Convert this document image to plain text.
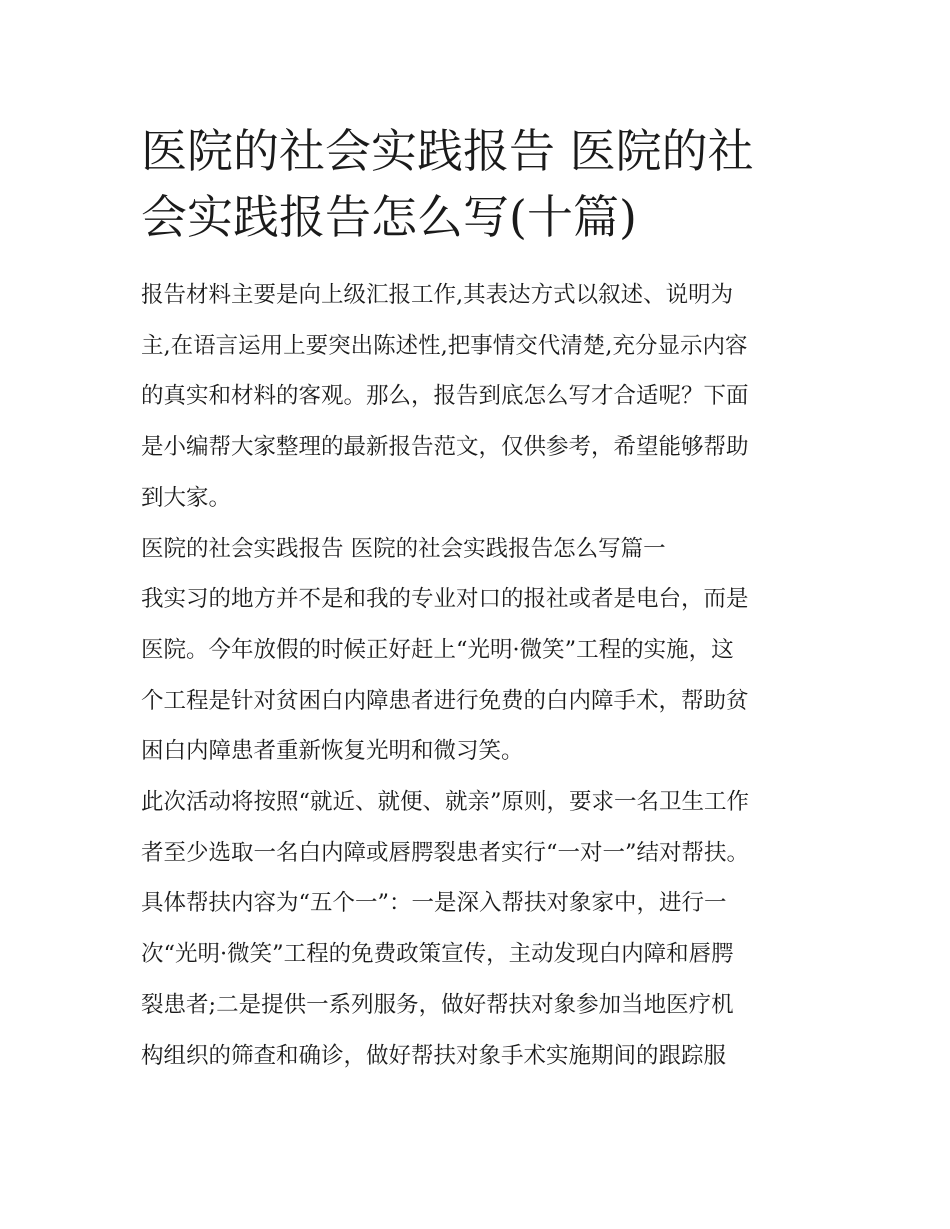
医院的社会实践报告 医院的社
会实践报告怎么写(十篇)

报告材料主要是向上级汇报工作,其表达方式以叙述、说明为
主,在语言运用上要突出陈述性,把事情交代清楚,充分显示内容
的真实和材料的客观。那么，报告到底怎么写才合适呢？下面
是小编帮大家整理的最新报告范文，仅供参考，希望能够帮助
到大家。

医院的社会实践报告 医院的社会实践报告怎么写篇一

我实习的地方并不是和我的专业对口的报社或者是电台，而是
医院。今年放假的时候正好赶上“光明·微笑”工程的实施，这
个工程是针对贫困白内障患者进行免费的白内障手术，帮助贫
困白内障患者重新恢复光明和微习笑。

此次活动将按照“就近、就便、就亲”原则，要求一名卫生工作
者至少选取一名白内障或唇腭裂患者实行“一对一”结对帮扶。
具体帮扶内容为“五个一”：一是深入帮扶对象家中，进行一
次“光明·微笑”工程的免费政策宣传，主动发现白内障和唇腭
裂患者;二是提供一系列服务，做好帮扶对象参加当地医疗机
构组织的筛查和确诊，做好帮扶对象手术实施期间的跟踪服
